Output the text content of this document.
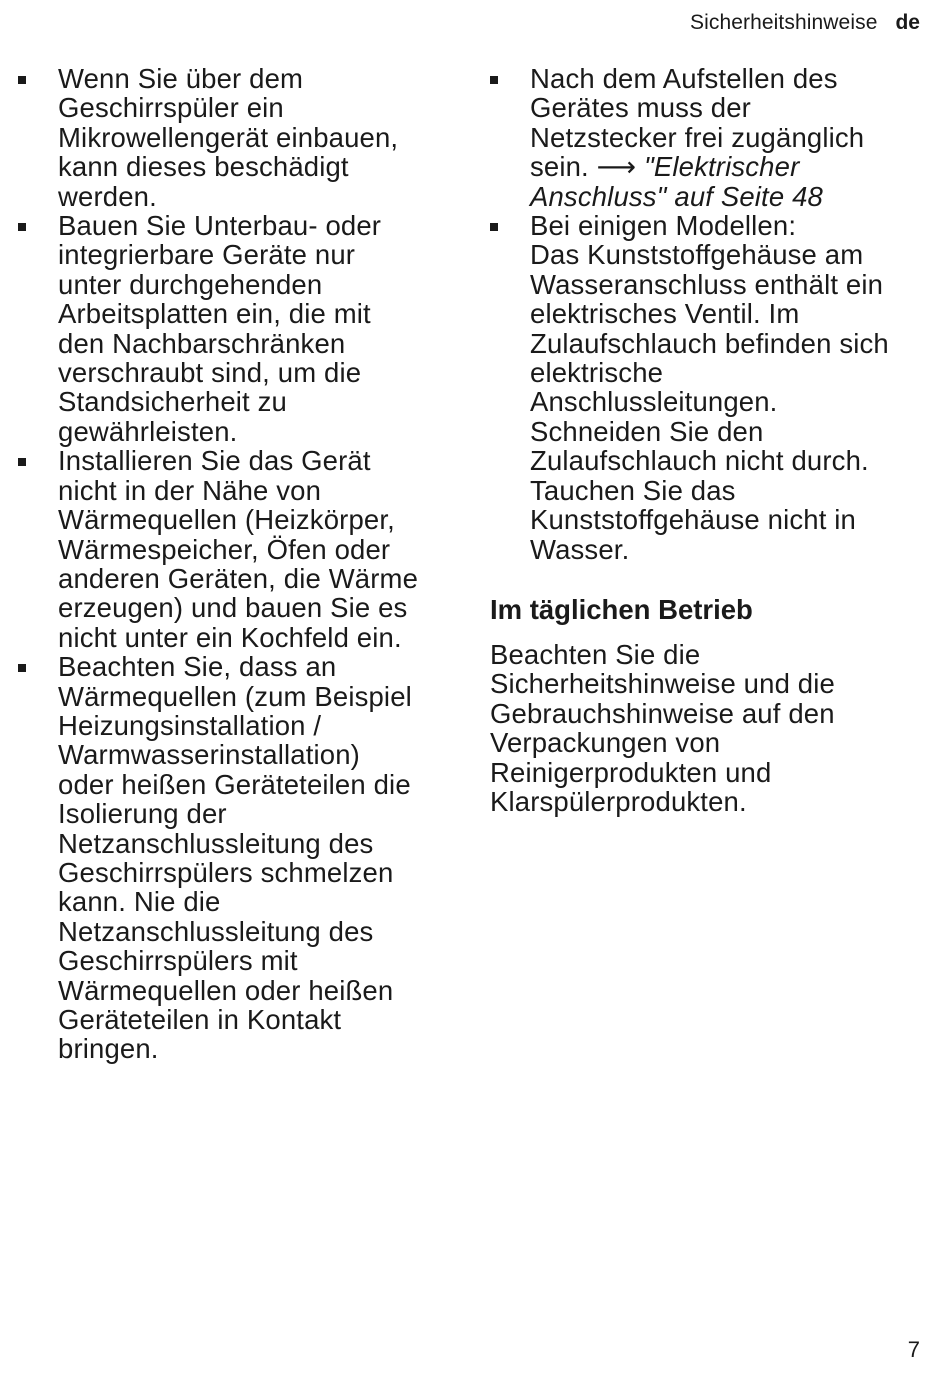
Sicherheitshinweise de
Wenn Sie über dem
Geschirrspüler ein
Mikrowellengerät einbauen,
kann dieses beschädigt
werden.
Bauen Sie Unterbau- oder
integrierbare Geräte nur
unter durchgehenden
Arbeitsplatten ein, die mit
den Nachbarschränken
verschraubt sind, um die
Standsicherheit zu
gewährleisten.
Installieren Sie das Gerät
nicht in der Nähe von
Wärmequellen (Heizkörper,
Wärmespeicher, Öfen oder
anderen Geräten, die Wärme
erzeugen) und bauen Sie es
nicht unter ein Kochfeld ein.
Beachten Sie, dass an
Wärmequellen (zum Beispiel
Heizungsinstallation /
Warmwasserinstallation)
oder heißen Geräteteilen die
Isolierung der
Netzanschlussleitung des
Geschirrspülers schmelzen
kann. Nie die
Netzanschlussleitung des
Geschirrspülers mit
Wärmequellen oder heißen
Geräteteilen in Kontakt
bringen.
Nach dem Aufstellen des
Gerätes muss der
Netzstecker frei zugänglich
sein. ⟶ "Elektrischer
Anschluss" auf Seite 48
Bei einigen Modellen:
Das Kunststoffgehäuse am
Wasseranschluss enthält ein
elektrisches Ventil. Im
Zulaufschlauch befinden sich
elektrische
Anschlussleitungen.
Schneiden Sie den
Zulaufschlauch nicht durch.
Tauchen Sie das
Kunststoffgehäuse nicht in
Wasser.
Im täglichen Betrieb

Beachten Sie die
Sicherheitshinweise und die
Gebrauchshinweise auf den
Verpackungen von
Reinigerprodukten und
Klarspülerprodukten.

7
